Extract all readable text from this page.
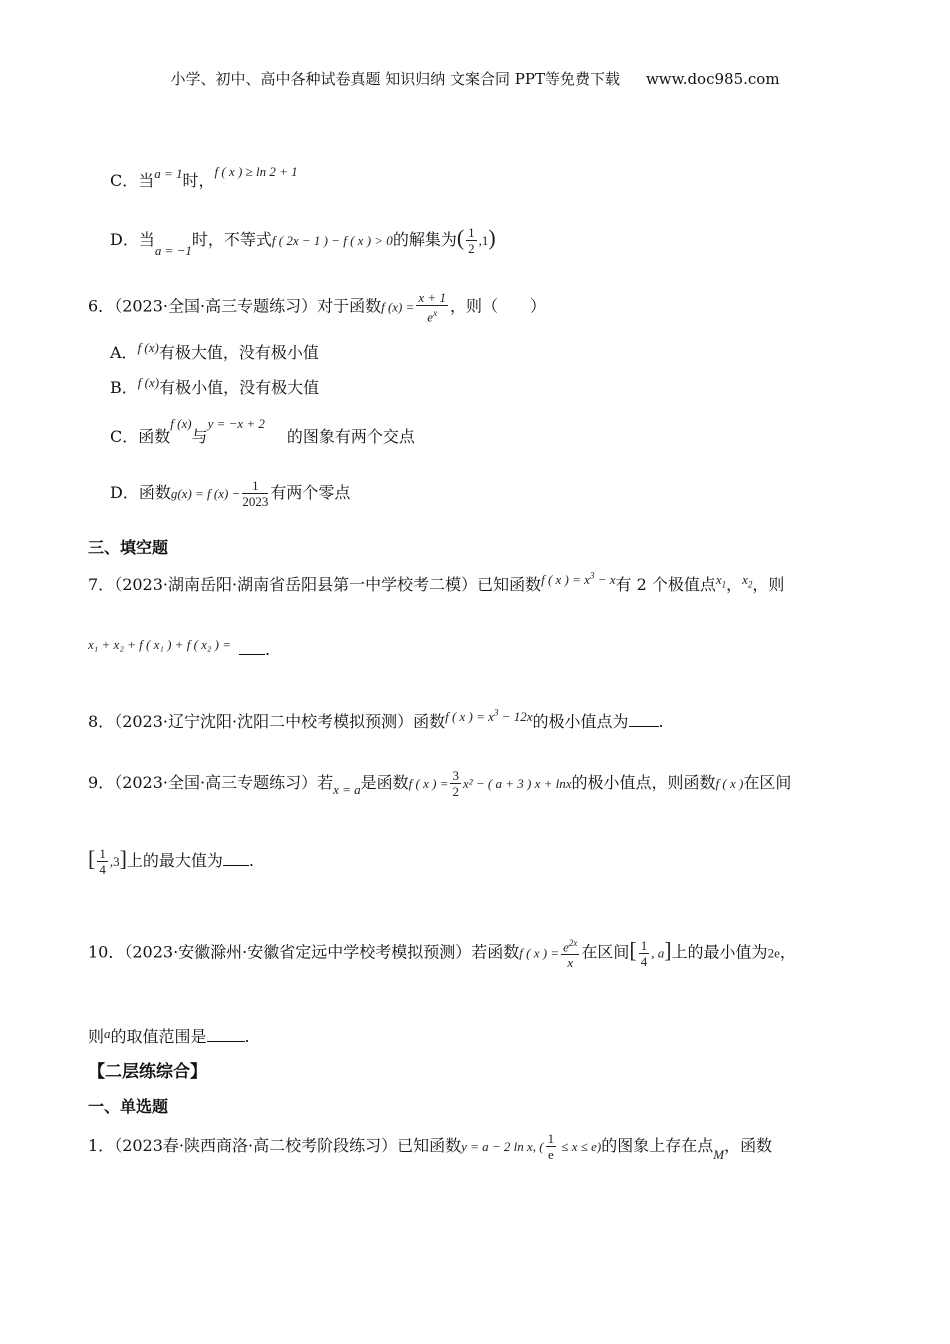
小学、初中、高中各种试卷真题 知识归纳 文案合同 PPT等免费下载 www.doc985.com
C．当$^{a = 1}$时，$^{f ( x ) \ge ln 2 + 1}$
D．当$_{a = -1}$时，不等式f ( 2x − 1 ) − f ( x ) > 0的解集为( $\frac{1}{2} ,1$)
6．（2023·全国·高三专题练习）对于函数f $(x) = \frac{x + 1}{e^x}$ ，则（　　）
A．$^{f (x)}$有极大值，没有极小值
B．$^{f (x)}$有极小值，没有极大值
C．函数$^{f (x)}$与$^{y = -x + 2}$的图象有两个交点
D．函数g(x) = f $(x) - \frac{1}{2023}$ 有两个零点
三、填空题
7．（2023·湖南岳阳·湖南省岳阳县第一中学校考二模）已知函数$^{f ( x ) = x^3 - x}$有 2 个极值点$^{x_1}$，$^{x_2}$，则
$^{x_1 + x_2 + f ( x_1 ) + f ( x_2 ) =}$ .
8．（2023·辽宁沈阳·沈阳二中校考模拟预测）函数$^{f ( x ) = x^3 - 12x}$的极小值点为 .
9．（2023·全国·高三专题练习）若$_{x = a}$是函数f ( x ) = $\frac{3}{2} x^2$ − ( a + 3 ) x + lnx的极小值点，则函数f ( x )在区间
[ $\frac{1}{4} ,3$]上的最大值为 .
10．（2023·安徽滁州·安徽省定远中学校考模拟预测）若函数f ( x ) = $\frac{e^{2x}}{x}$ 在区间[ $\frac{1}{4}$ , a]上的最小值为2e，
则$^a$的取值范围是 .
【二层练综合】
一、单选题
1．（2023春·陕西商洛·高二校考阶段练习）已知函数y = a − 2 ln x, ( $\frac{1}{e} \le x \le e$)的图象上存在点$_M$，函数
